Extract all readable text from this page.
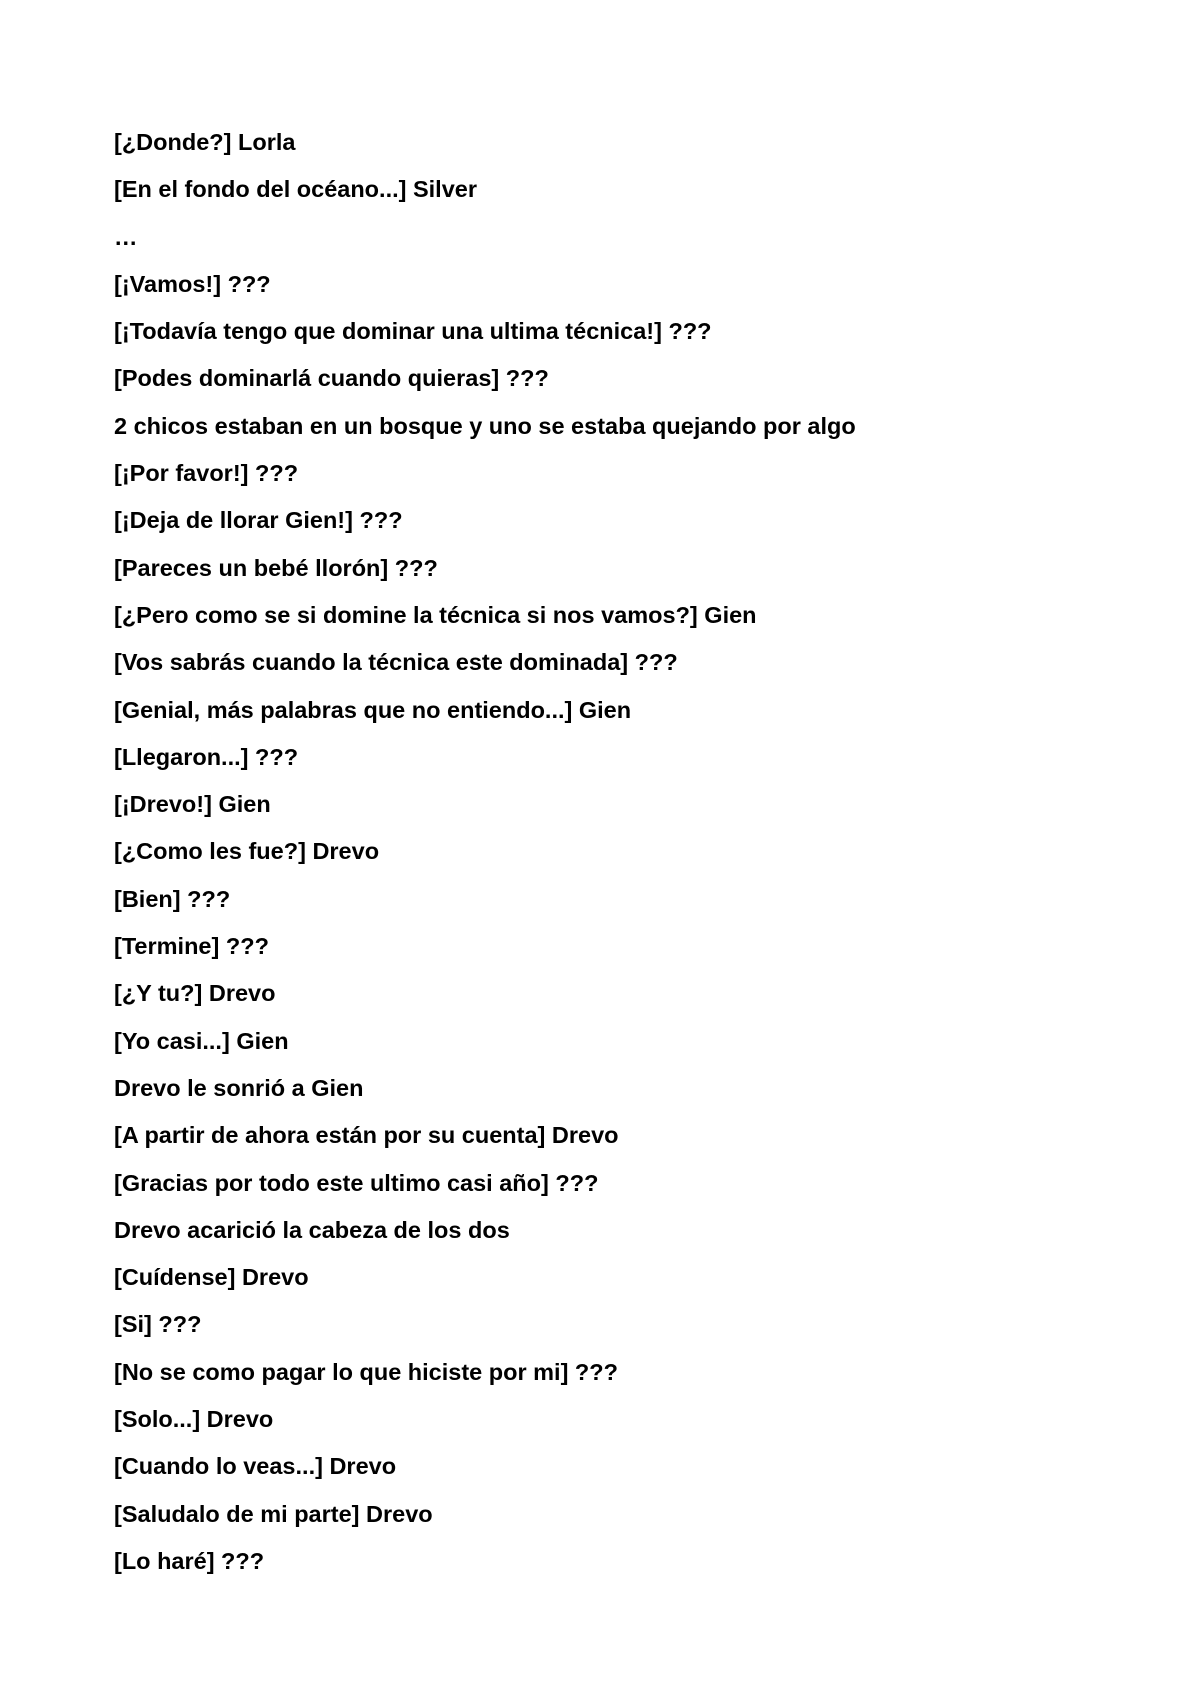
[¿Donde?] Lorla
[En el fondo del océano...] Silver
…
[¡Vamos!] ???
[¡Todavía tengo que dominar una ultima técnica!] ???
[Podes dominarlá cuando quieras] ???
2 chicos estaban en un bosque y uno se estaba quejando por algo
[¡Por favor!] ???
[¡Deja de llorar Gien!] ???
[Pareces un bebé llorón] ???
[¿Pero como se si domine la técnica si nos vamos?] Gien
[Vos sabrás cuando la técnica este dominada] ???
[Genial, más palabras que no entiendo...] Gien
[Llegaron...] ???
[¡Drevo!] Gien
[¿Como les fue?] Drevo
[Bien] ???
[Termine] ???
[¿Y tu?] Drevo
[Yo casi...] Gien
Drevo le sonrió a Gien
[A partir de ahora están por su cuenta] Drevo
[Gracias por todo este ultimo casi año] ???
Drevo acarició la cabeza de los dos
[Cuídense] Drevo
[Si] ???
[No se como pagar lo que hiciste por mi] ???
[Solo...] Drevo
[Cuando lo veas...] Drevo
[Saludalo de mi parte] Drevo
[Lo haré] ???
